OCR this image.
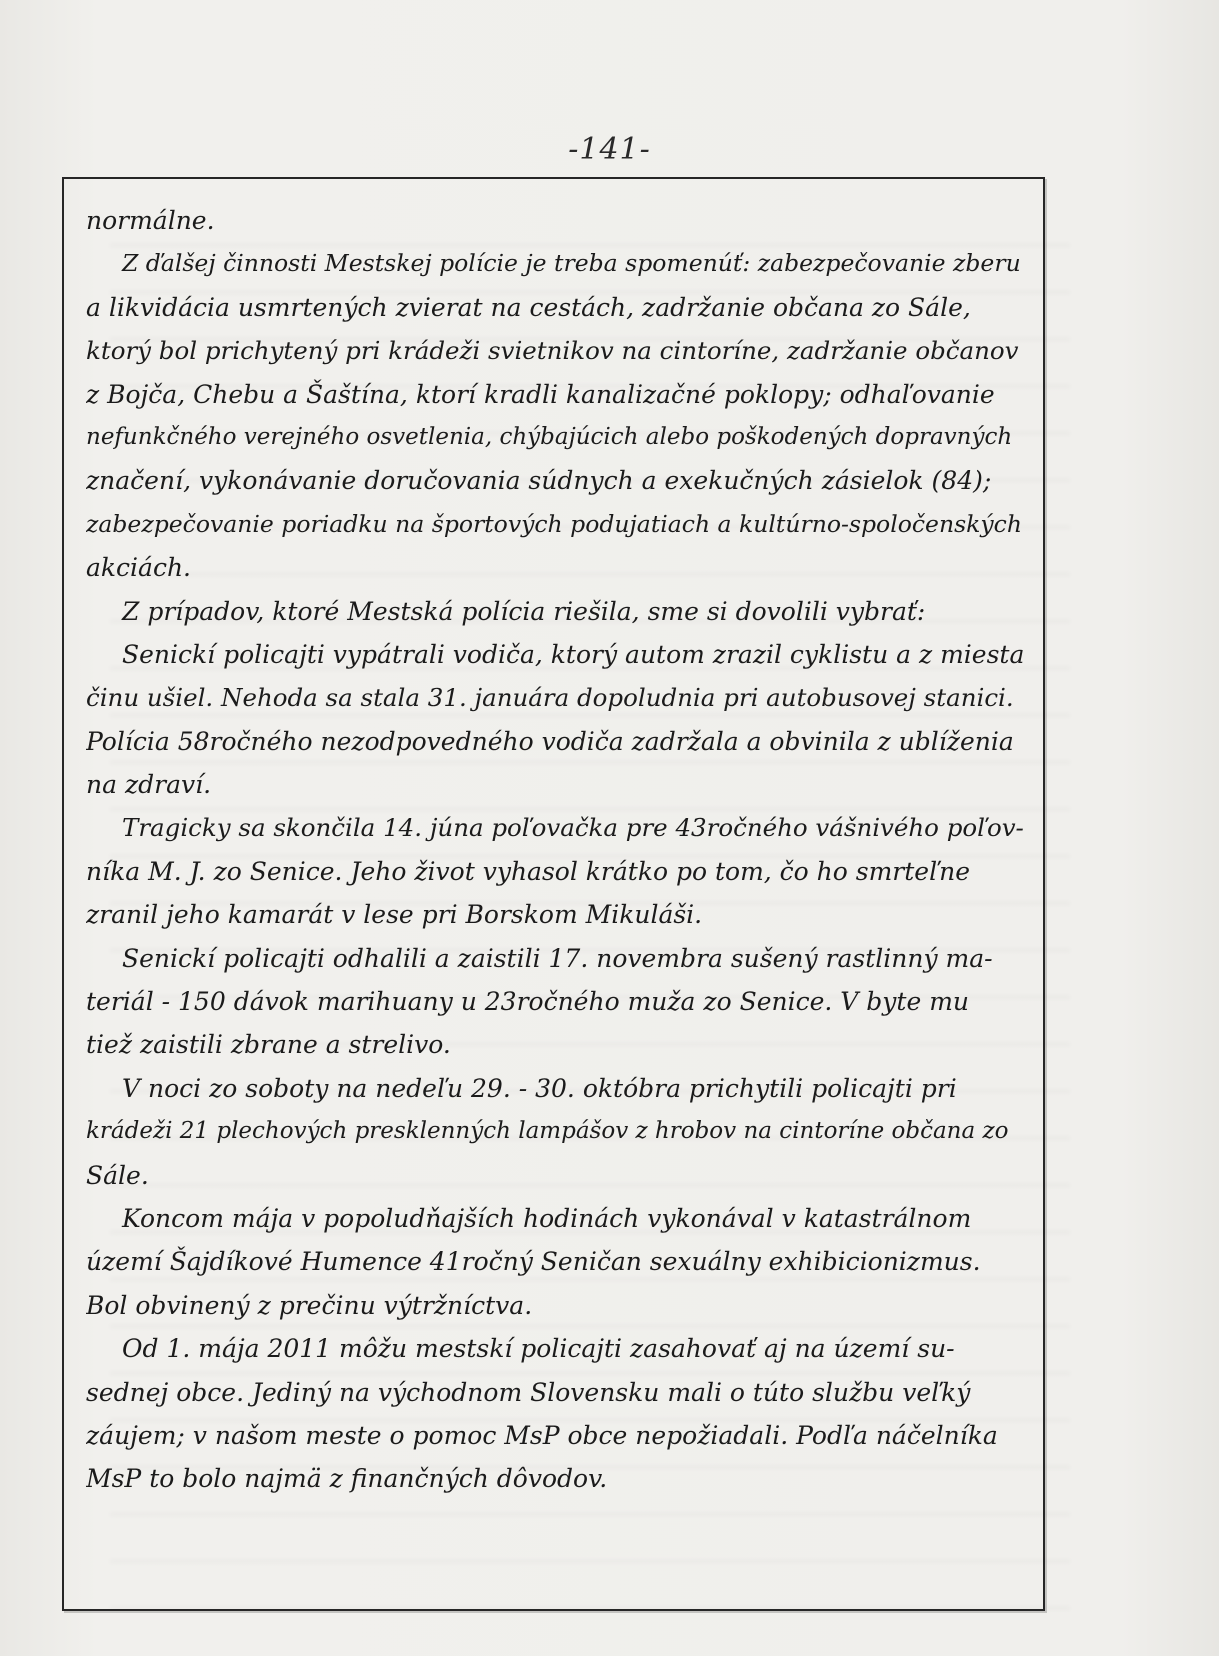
-141-
normálne.
Z ďalšej činnosti Mestskej polície je treba spomenúť: zabezpečovanie zberu
a likvidácia usmrtených zvierat na cestách, zadržanie občana zo Sále,
ktorý bol prichytený pri krádeži svietnikov na cintoríne, zadržanie občanov
z Bojča, Chebu a Šaštína, ktorí kradli kanalizačné poklopy; odhaľovanie
nefunkčného verejného osvetlenia, chýbajúcich alebo poškodených dopravných
značení, vykonávanie doručovania súdnych a exekučných zásielok (84);
zabezpečovanie poriadku na športových podujatiach a kultúrno-spoločenských
akciách.
Z prípadov, ktoré Mestská polícia riešila, sme si dovolili vybrať:
Senickí policajti vypátrali vodiča, ktorý autom zrazil cyklistu a z miesta
činu ušiel. Nehoda sa stala 31. januára dopoludnia pri autobusovej stanici.
Polícia 58ročného nezodpovedného vodiča zadržala a obvinila z ublíženia
na zdraví.
Tragicky sa skončila 14. júna poľovačka pre 43ročného vášnivého poľov-
níka M. J. zo Senice. Jeho život vyhasol krátko po tom, čo ho smrteľne
zranil jeho kamarát v lese pri Borskom Mikuláši.
Senickí policajti odhalili a zaistili 17. novembra sušený rastlinný ma-
teriál - 150 dávok marihuany u 23ročného muža zo Senice. V byte mu
tiež zaistili zbrane a strelivo.
V noci zo soboty na nedeľu 29. - 30. októbra prichytili policajti pri
krádeži 21 plechových presklenných lampášov z hrobov na cintoríne občana zo
Sále.
Koncom mája v popoludňajších hodinách vykonával v katastrálnom
území Šajdíkové Humence 41ročný Seničan sexuálny exhibicionizmus.
Bol obvinený z prečinu výtržníctva.
Od 1. mája 2011 môžu mestskí policajti zasahovať aj na území su-
sednej obce. Jediný na východnom Slovensku mali o túto službu veľký
záujem; v našom meste o pomoc MsP obce nepožiadali. Podľa náčelníka
MsP to bolo najmä z finančných dôvodov.
